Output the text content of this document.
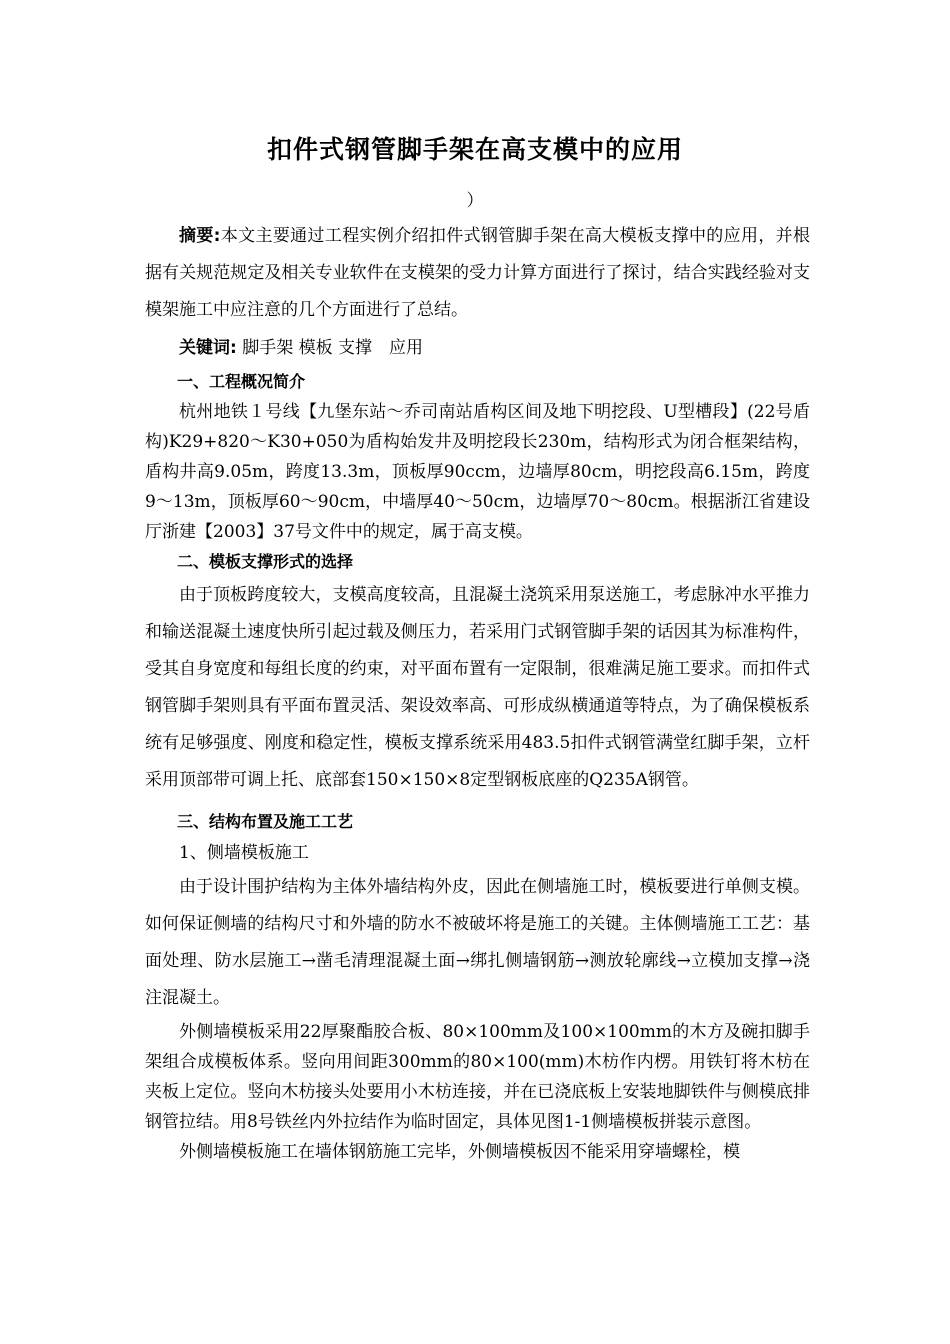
扣件式钢管脚手架在高支模中的应用
）

摘要:本文主要通过工程实例介绍扣件式钢管脚手架在高大模板支撑中的应用，并根据有关规范规定及相关专业软件在支模架的受力计算方面进行了探讨，结合实践经验对支模架施工中应注意的几个方面进行了总结。

关键词: 脚手架 模板 支撑　应用

一、工程概况简介

杭州地铁１号线【九堡东站～乔司南站盾构区间及地下明挖段、U型槽段】(22号盾构)K29+820～K30+050为盾构始发井及明挖段长230m，结构形式为闭合框架结构，盾构井高9.05m，跨度13.3m，顶板厚90ccm，边墙厚80cm，明挖段高6.15m，跨度9～13m，顶板厚60～90cm，中墙厚40～50cm，边墙厚70～80cm。根据浙江省建设厅浙建【2003】37号文件中的规定，属于高支模。

二、模板支撑形式的选择

由于顶板跨度较大，支模高度较高，且混凝土浇筑采用泵送施工，考虑脉冲水平推力和输送混凝土速度快所引起过载及侧压力，若采用门式钢管脚手架的话因其为标准构件，受其自身宽度和每组长度的约束，对平面布置有一定限制，很难满足施工要求。而扣件式钢管脚手架则具有平面布置灵活、架设效率高、可形成纵横通道等特点，为了确保模板系统有足够强度、刚度和稳定性，模板支撑系统采用483.5扣件式钢管满堂红脚手架，立杆采用顶部带可调上托、底部套150×150×8定型钢板底座的Q235A钢管。

三、结构布置及施工工艺

1、侧墙模板施工

由于设计围护结构为主体外墙结构外皮，因此在侧墙施工时，模板要进行单侧支模。如何保证侧墙的结构尺寸和外墙的防水不被破坏将是施工的关键。主体侧墙施工工艺：基面处理、防水层施工→凿毛清理混凝土面→绑扎侧墙钢筋→测放轮廓线→立模加支撑→浇注混凝土。

外侧墙模板采用22厚聚酯胶合板、80×100mm及100×100mm的木方及碗扣脚手架组合成模板体系。竖向用间距300mm的80×100(mm)木枋作内楞。用铁钉将木枋在夹板上定位。竖向木枋接头处要用小木枋连接，并在已浇底板上安装地脚铁件与侧模底排钢管拉结。用8号铁丝内外拉结作为临时固定，具体见图1-1侧墙模板拼装示意图。

外侧墙模板施工在墙体钢筋施工完毕，外侧墙模板因不能采用穿墙螺栓，模
